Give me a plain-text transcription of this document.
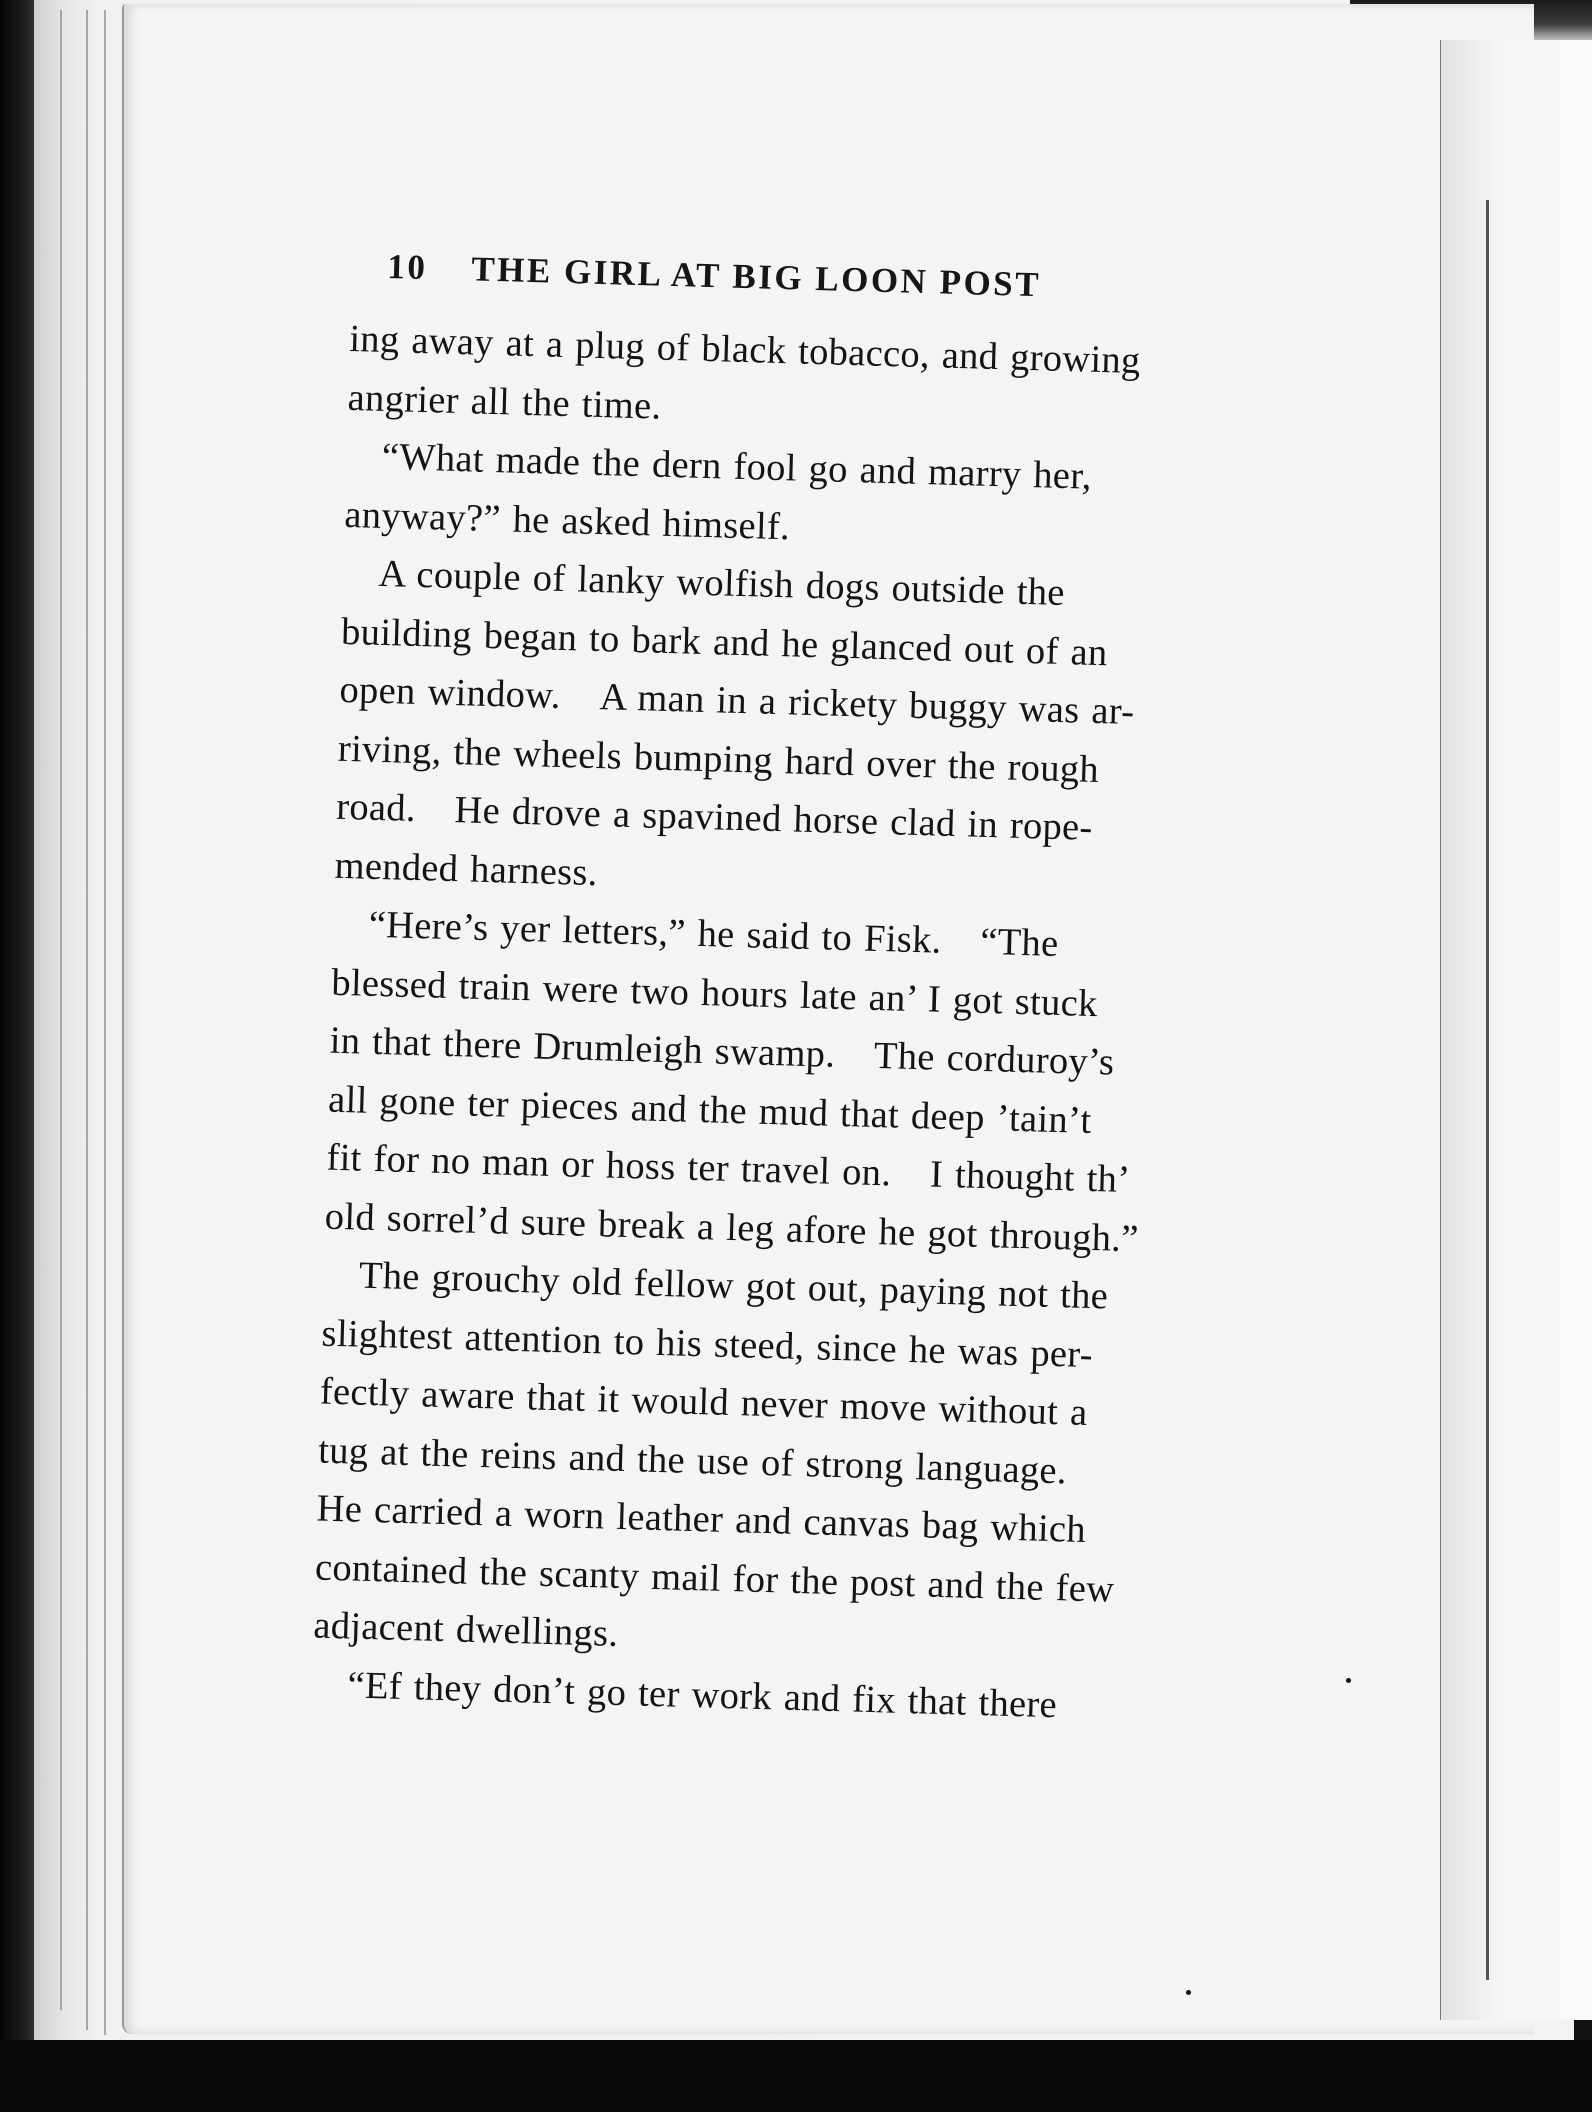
10	THE GIRL AT BIG LOON POST
ing away at a plug of black tobacco, and growing
angrier all the time.
“What made the dern fool go and marry her,
anyway?” he asked himself.
A couple of lanky wolfish dogs outside the
building began to bark and he glanced out of an
open window. A man in a rickety buggy was ar-
riving, the wheels bumping hard over the rough
road. He drove a spavined horse clad in rope-
mended harness.
“Here’s yer letters,” he said to Fisk. “The
blessed train were two hours late an’ I got stuck
in that there Drumleigh swamp. The corduroy’s
all gone ter pieces and the mud that deep ’tain’t
fit for no man or hoss ter travel on. I thought th’
old sorrel’d sure break a leg afore he got through.”
The grouchy old fellow got out, paying not the
slightest attention to his steed, since he was per-
fectly aware that it would never move without a
tug at the reins and the use of strong language.
He carried a worn leather and canvas bag which
contained the scanty mail for the post and the few
adjacent dwellings.
“Ef they don’t go ter work and fix that there
